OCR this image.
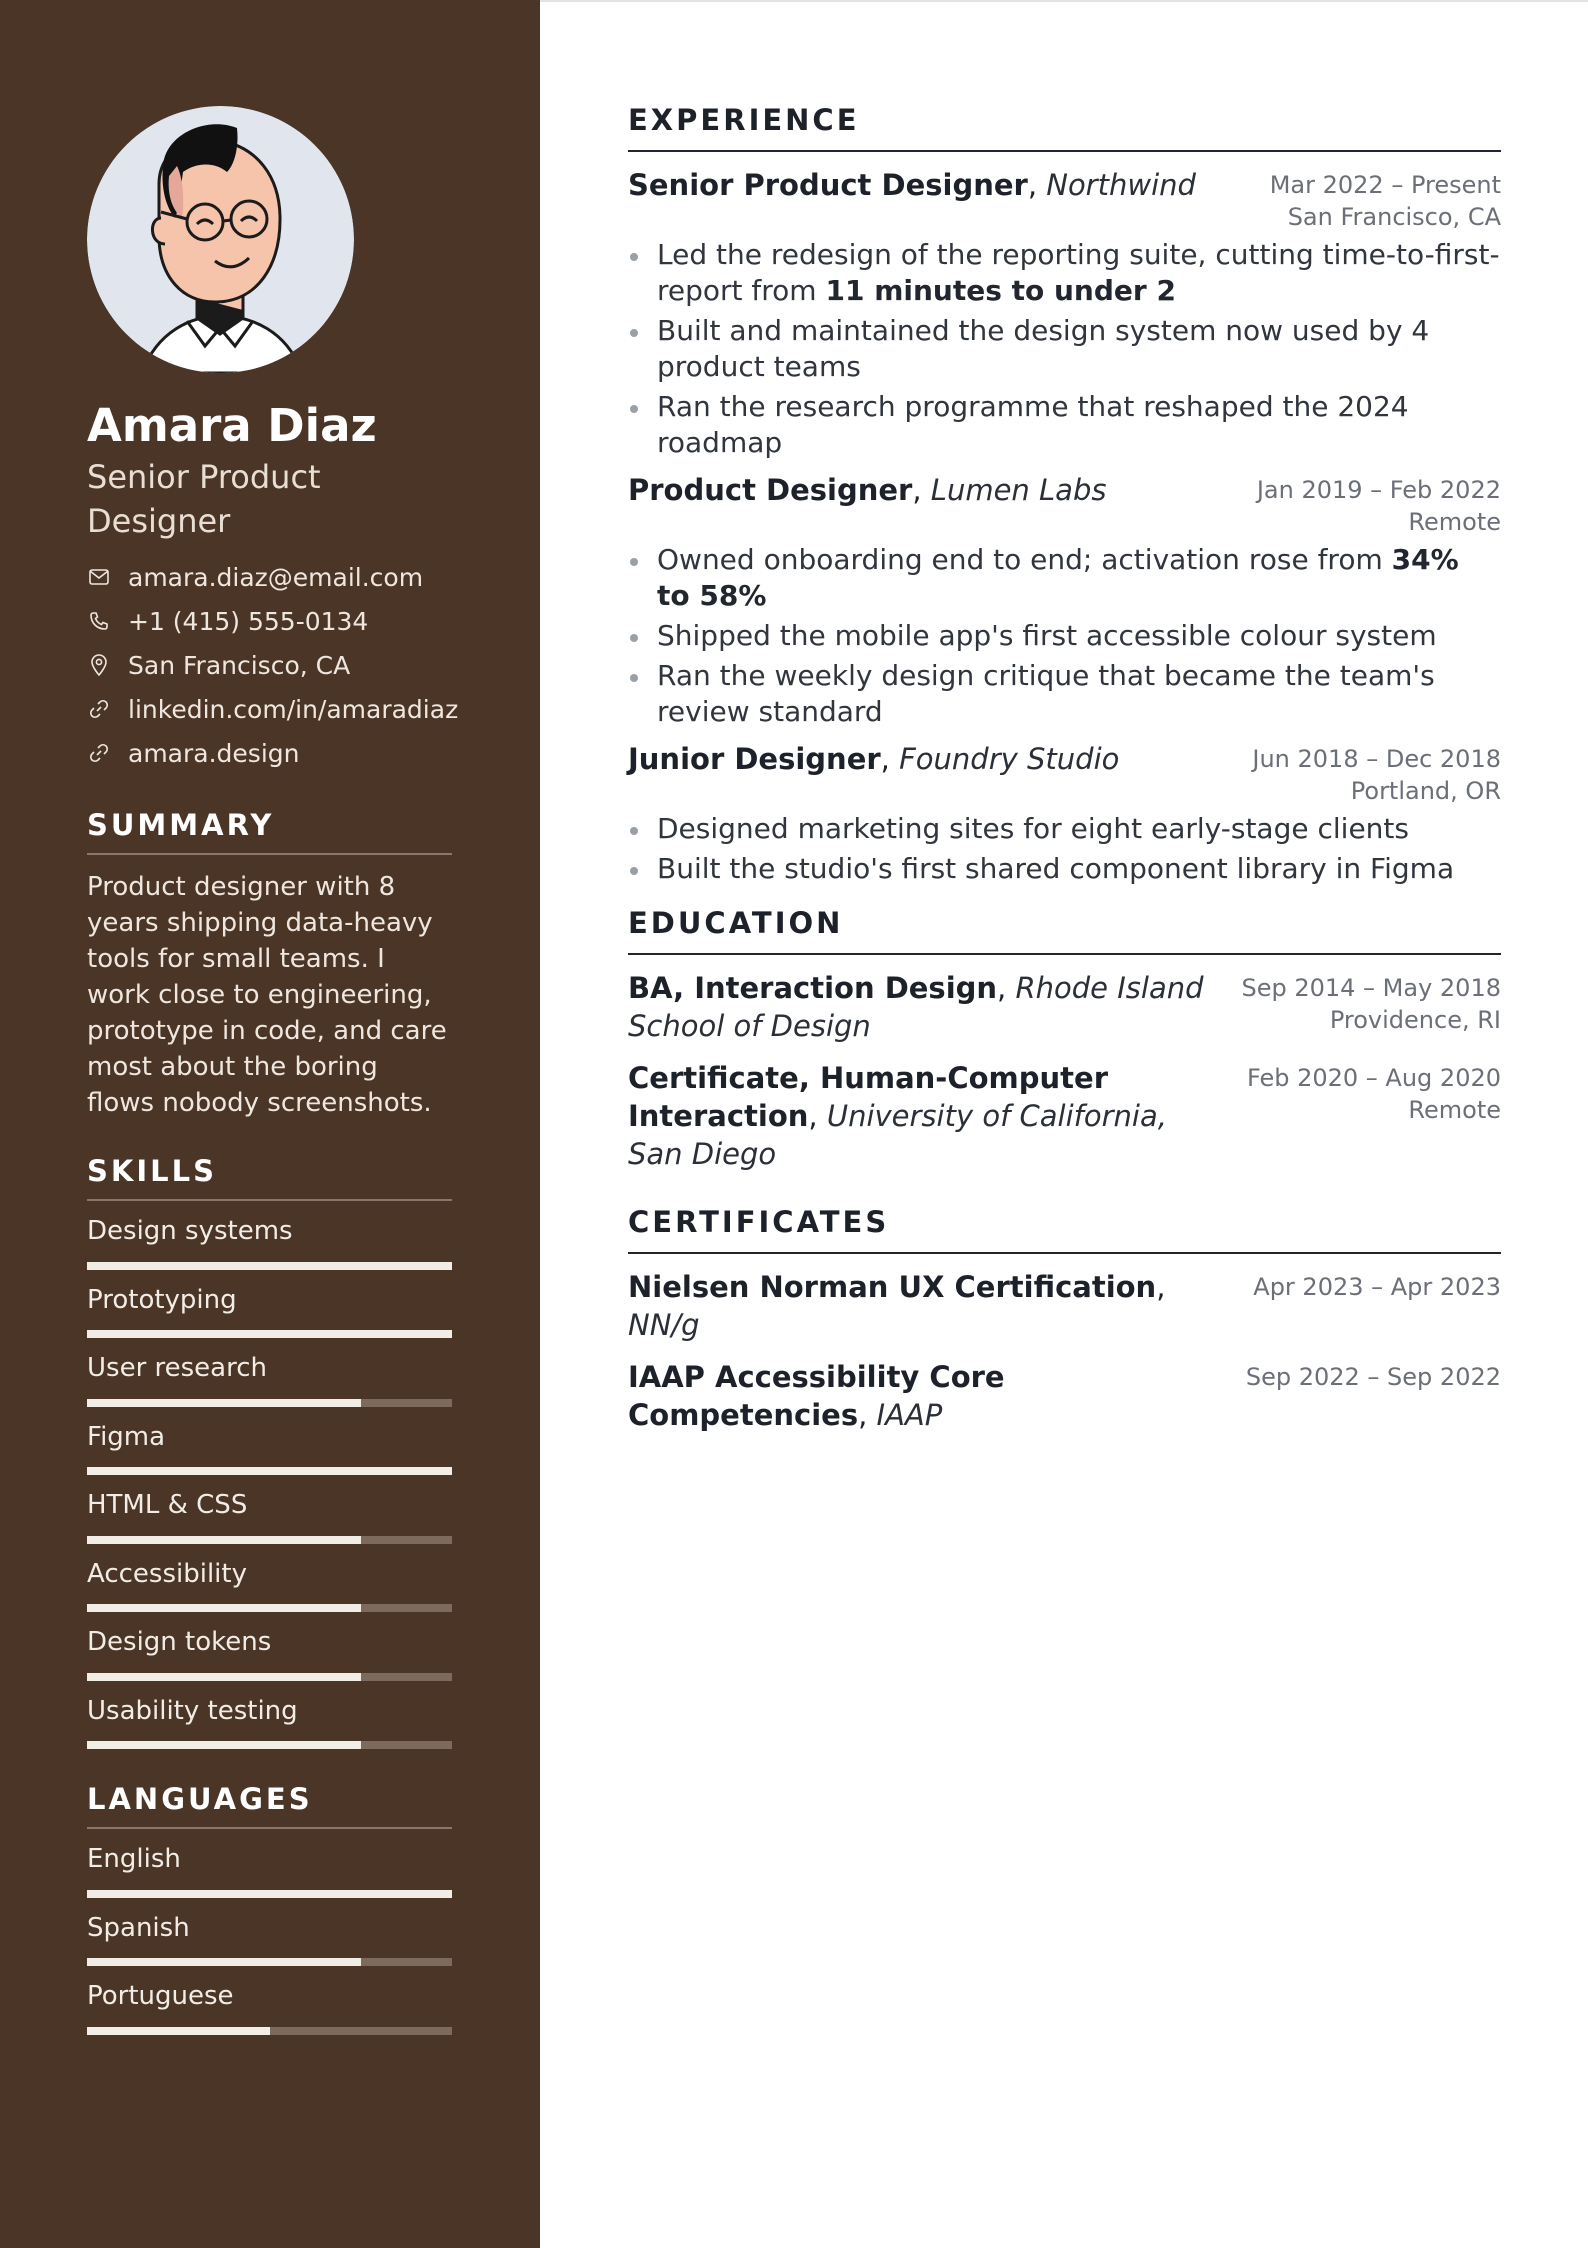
Amara Diaz
Senior Product Designer
amara.diaz@email.com
+1 (415) 555-0134
San Francisco, CA
linkedin.com/in/amaradiaz
amara.design
SUMMARY
Product designer with 8 years shipping data-heavy tools for small teams. I work close to engineering, prototype in code, and care most about the boring flows nobody screenshots.
SKILLS
Design systems
Prototyping
User research
Figma
HTML & CSS
Accessibility
Design tokens
Usability testing
LANGUAGES
English
Spanish
Portuguese
EXPERIENCE
Senior Product Designer, Northwind	Mar 2022 – Present
San Francisco, CA
Led the redesign of the reporting suite, cutting time-to-first-report from 11 minutes to under 2
Built and maintained the design system now used by 4 product teams
Ran the research programme that reshaped the 2024 roadmap
Product Designer, Lumen Labs	Jan 2019 – Feb 2022
Remote
Owned onboarding end to end; activation rose from 34% to 58%
Shipped the mobile app's first accessible colour system
Ran the weekly design critique that became the team's review standard
Junior Designer, Foundry Studio	Jun 2018 – Dec 2018
Portland, OR
Designed marketing sites for eight early-stage clients
Built the studio's first shared component library in Figma
EDUCATION
BA, Interaction Design, Rhode Island School of Design
Sep 2014 – May 2018
Providence, RI
Certificate, Human-Computer Interaction, University of California, San Diego
Feb 2020 – Aug 2020
Remote
CERTIFICATES
Nielsen Norman UX Certification, NN/g
Apr 2023 – Apr 2023
IAAP Accessibility Core Competencies, IAAP
Sep 2022 – Sep 2022
